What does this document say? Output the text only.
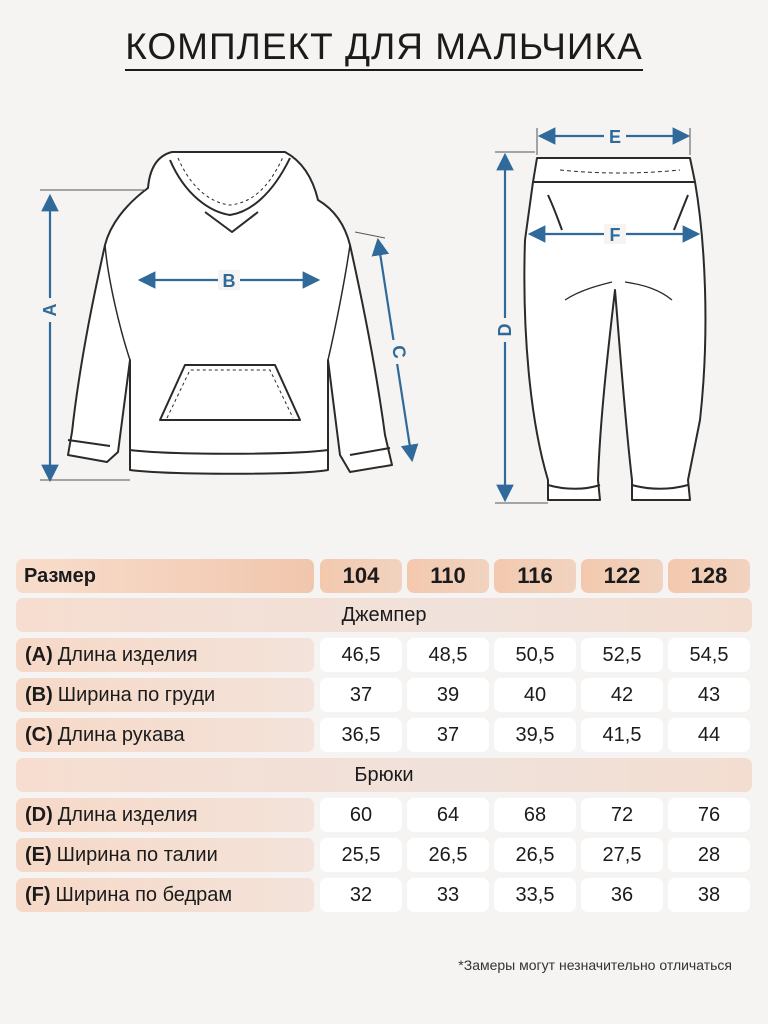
КОМПЛЕКТ ДЛЯ МАЛЬЧИКА
A
B
C
D
E
F
Размер	104	110	116	122	128
Джемпер
(A) Длина изделия	46,5	48,5	50,5	52,5	54,5
(B) Ширина по груди	37	39	40	42	43
(C) Длина рукава	36,5	37	39,5	41,5	44
Брюки
(D) Длина изделия	60	64	68	72	76
(E) Ширина по талии	25,5	26,5	26,5	27,5	28
(F) Ширина по бедрам	32	33	33,5	36	38
*Замеры могут незначительно отличаться
